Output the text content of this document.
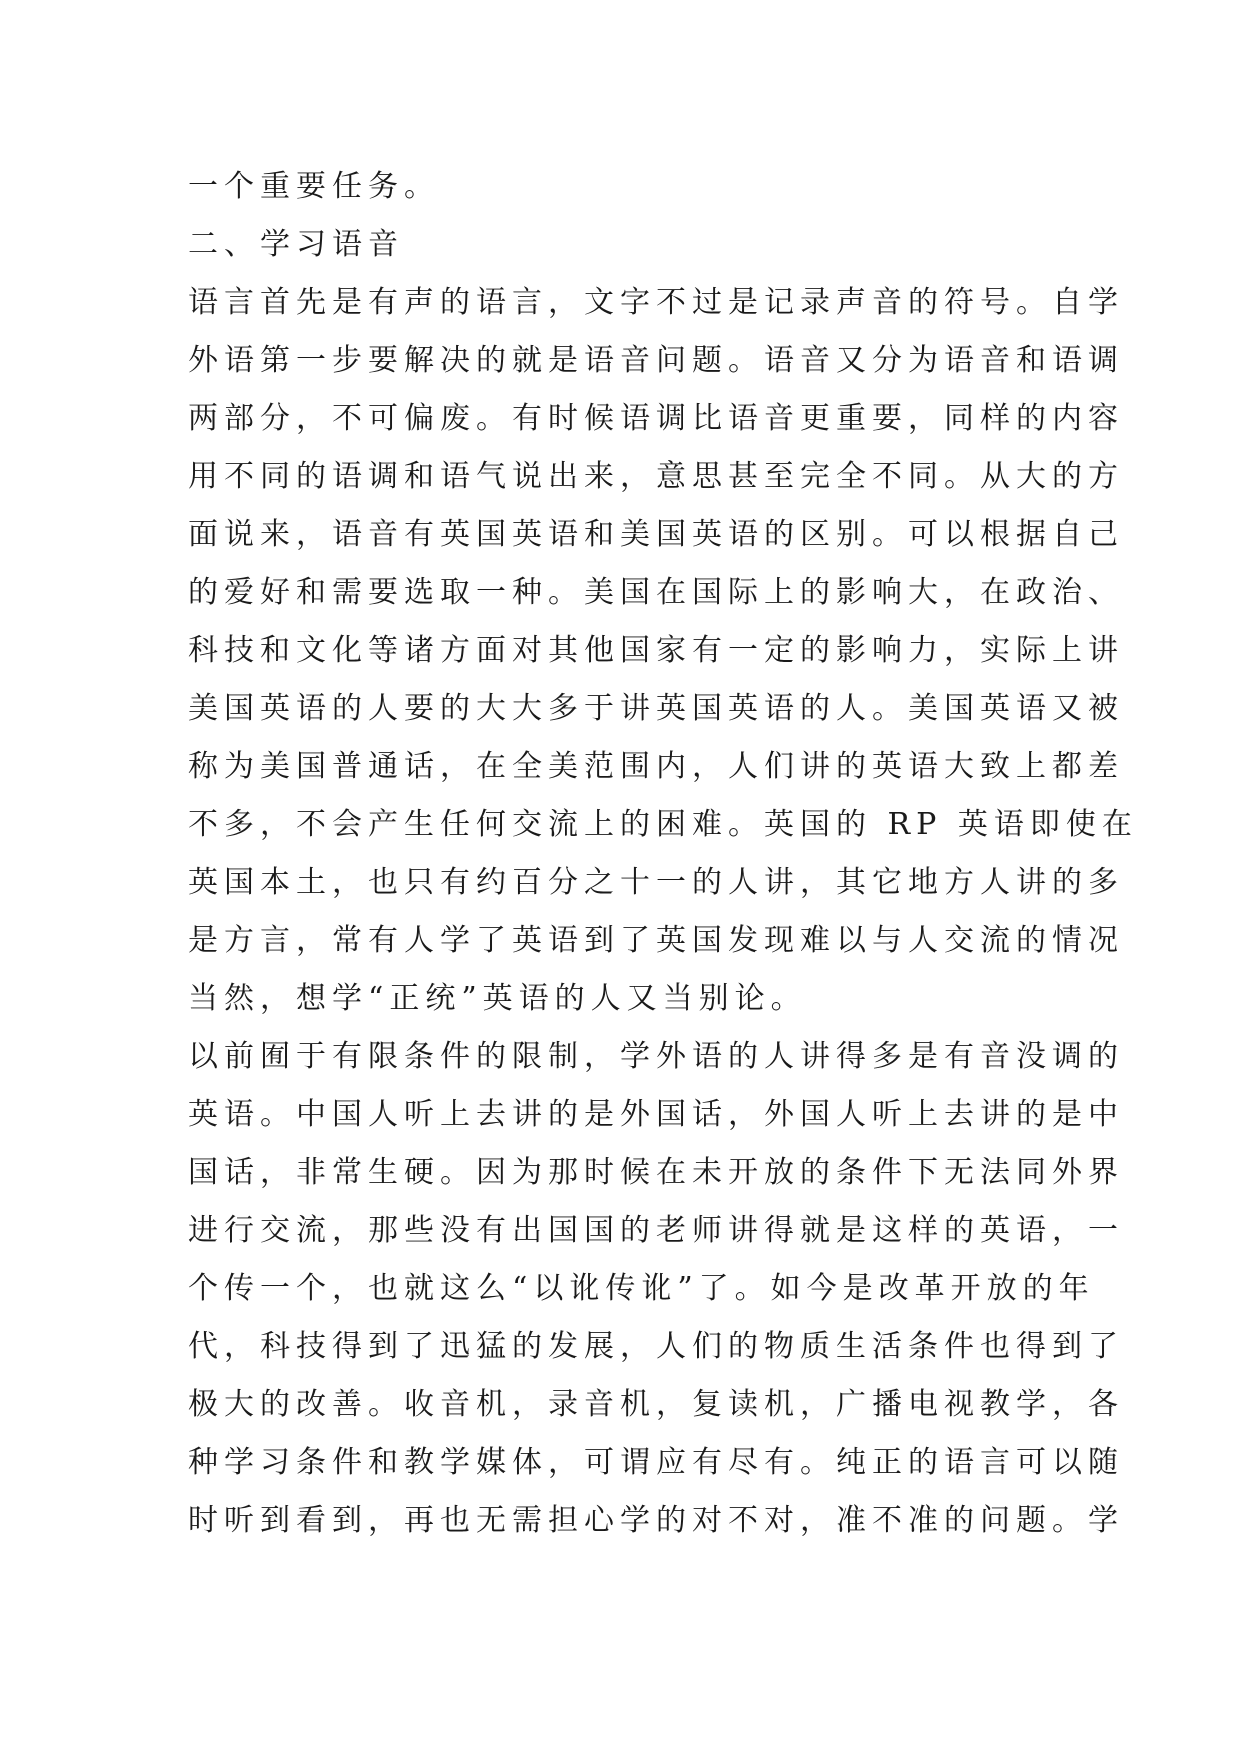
一个重要任务。
二、学习语音
语言首先是有声的语言，文字不过是记录声音的符号。自学
外语第一步要解决的就是语音问题。语音又分为语音和语调
两部分，不可偏废。有时候语调比语音更重要，同样的内容
用不同的语调和语气说出来，意思甚至完全不同。从大的方
面说来，语音有英国英语和美国英语的区别。可以根据自己
的爱好和需要选取一种。美国在国际上的影响大，在政治、
科技和文化等诸方面对其他国家有一定的影响力，实际上讲
美国英语的人要的大大多于讲英国英语的人。美国英语又被
称为美国普通话，在全美范围内，人们讲的英语大致上都差
不多，不会产生任何交流上的困难。英国的 RP 英语即使在
英国本土，也只有约百分之十一的人讲，其它地方人讲的多
是方言，常有人学了英语到了英国发现难以与人交流的情况
当然，想学“正统”英语的人又当别论。
以前囿于有限条件的限制，学外语的人讲得多是有音没调的
英语。中国人听上去讲的是外国话，外国人听上去讲的是中
国话，非常生硬。因为那时候在未开放的条件下无法同外界
进行交流，那些没有出国国的老师讲得就是这样的英语，一
个传一个，也就这么“以讹传讹”了。如今是改革开放的年
代，科技得到了迅猛的发展，人们的物质生活条件也得到了
极大的改善。收音机，录音机，复读机，广播电视教学，各
种学习条件和教学媒体，可谓应有尽有。纯正的语言可以随
时听到看到，再也无需担心学的对不对，准不准的问题。学
